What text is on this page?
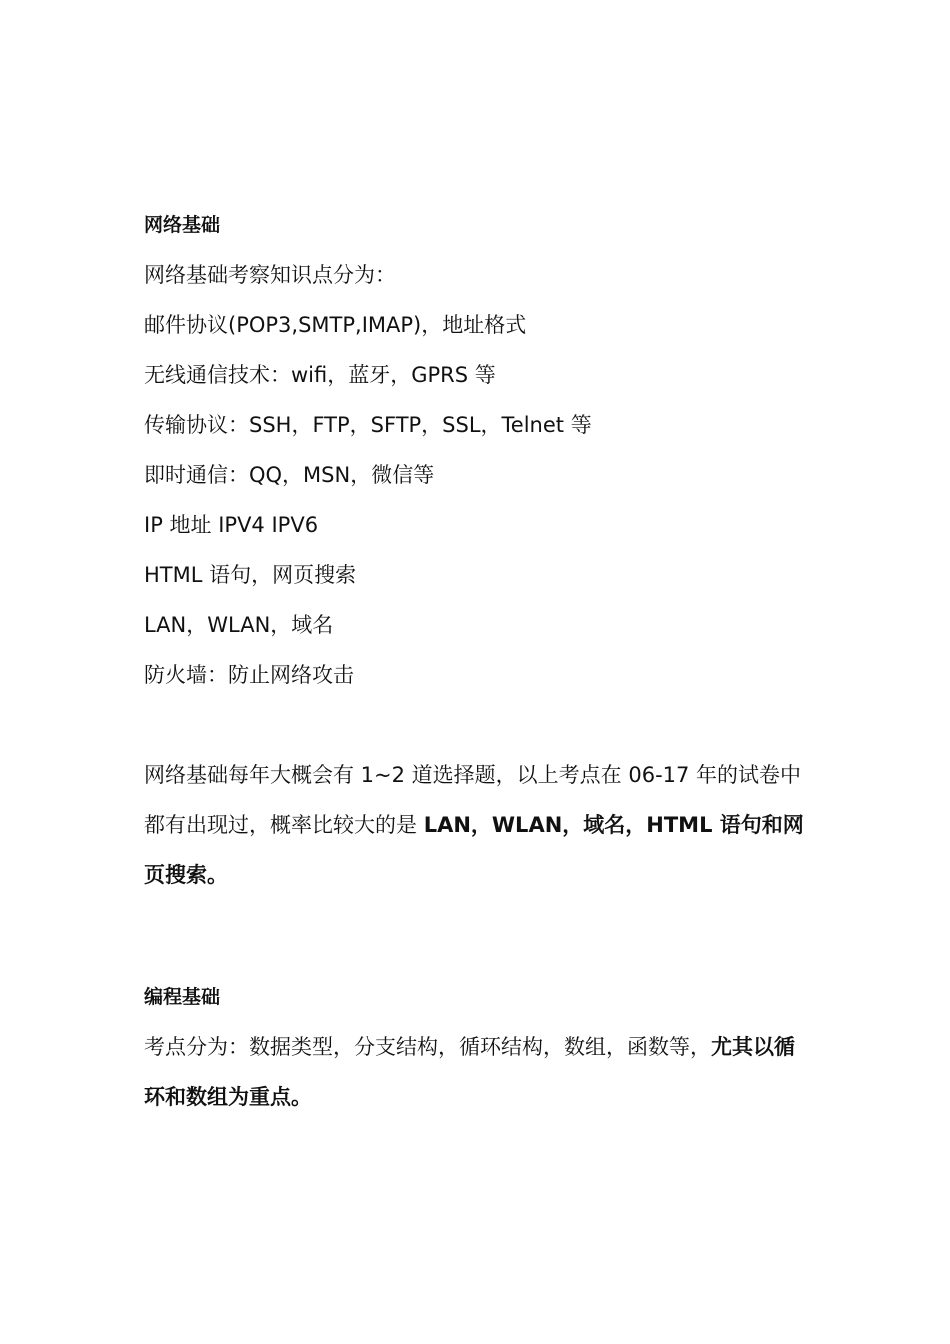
网络基础
网络基础考察知识点分为：
邮件协议(POP3,SMTP,IMAP)，地址格式
无线通信技术：wifi，蓝牙，GPRS 等
传输协议：SSH，FTP，SFTP，SSL，Telnet 等
即时通信：QQ，MSN，微信等
IP 地址 IPV4 IPV6
HTML 语句，网页搜索
LAN，WLAN，域名
防火墙：防止网络攻击
网络基础每年大概会有 1~2 道选择题，以上考点在 06-17 年的试卷中都有出现过，概率比较大的是 LAN，WLAN，域名，HTML 语句和网页搜索。
编程基础
考点分为：数据类型，分支结构，循环结构，数组，函数等，尤其以循环和数组为重点。
